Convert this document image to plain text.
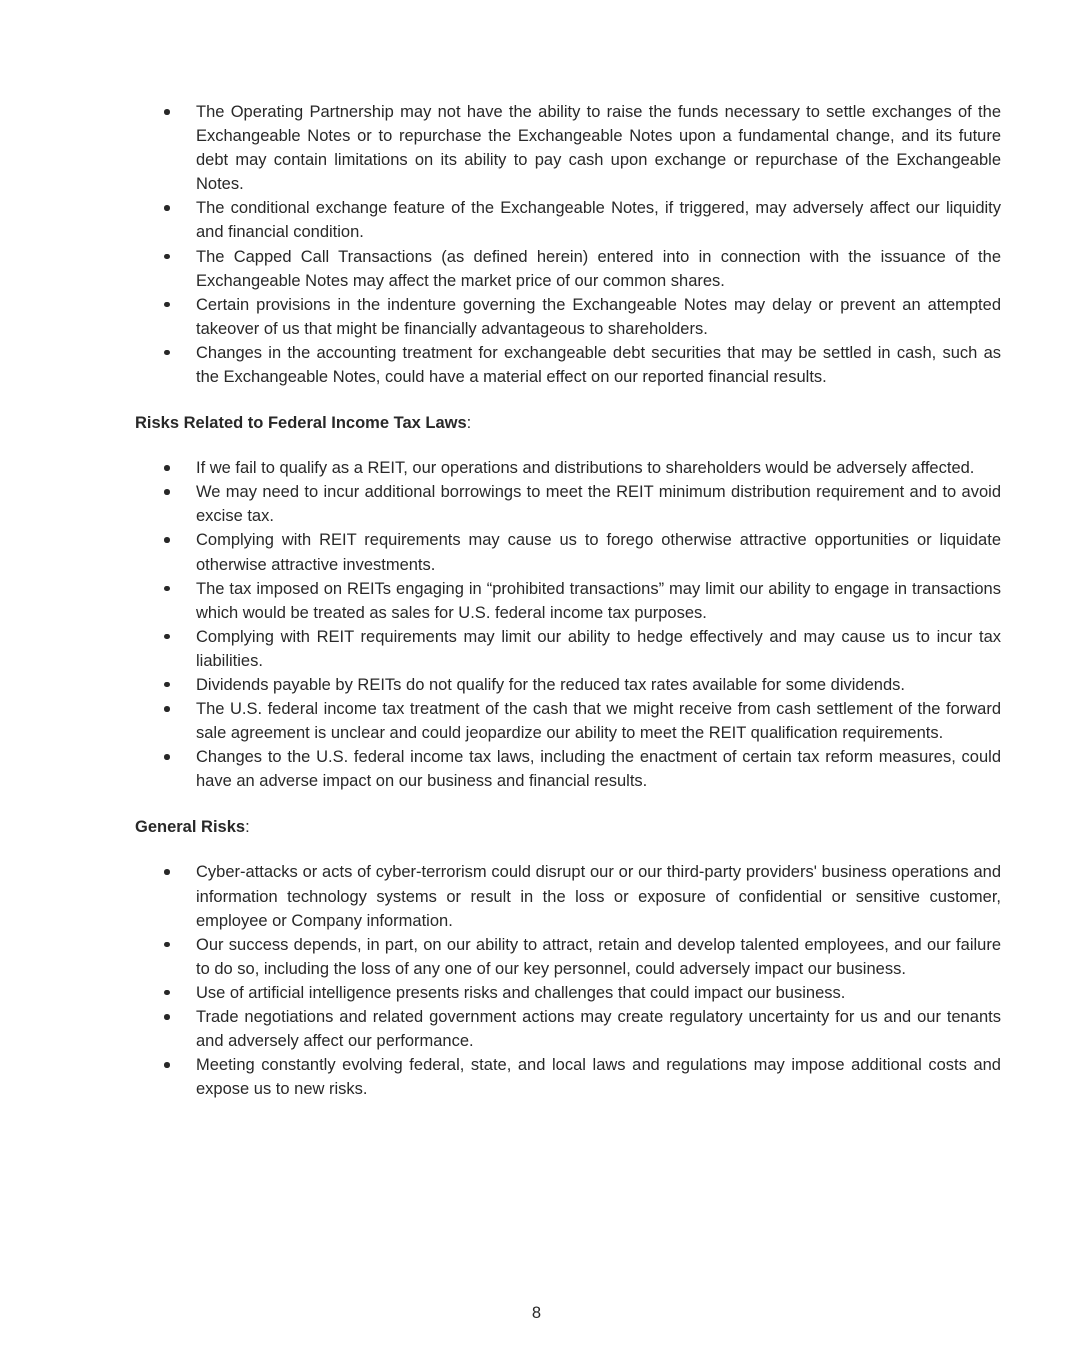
The Operating Partnership may not have the ability to raise the funds necessary to settle exchanges of the Exchangeable Notes or to repurchase the Exchangeable Notes upon a fundamental change, and its future debt may contain limitations on its ability to pay cash upon exchange or repurchase of the Exchangeable Notes.
The conditional exchange feature of the Exchangeable Notes, if triggered, may adversely affect our liquidity and financial condition.
The Capped Call Transactions (as defined herein) entered into in connection with the issuance of the Exchangeable Notes may affect the market price of our common shares.
Certain provisions in the indenture governing the Exchangeable Notes may delay or prevent an attempted takeover of us that might be financially advantageous to shareholders.
Changes in the accounting treatment for exchangeable debt securities that may be settled in cash, such as the Exchangeable Notes, could have a material effect on our reported financial results.
Risks Related to Federal Income Tax Laws:
If we fail to qualify as a REIT, our operations and distributions to shareholders would be adversely affected.
We may need to incur additional borrowings to meet the REIT minimum distribution requirement and to avoid excise tax.
Complying with REIT requirements may cause us to forego otherwise attractive opportunities or liquidate otherwise attractive investments.
The tax imposed on REITs engaging in “prohibited transactions” may limit our ability to engage in transactions which would be treated as sales for U.S. federal income tax purposes.
Complying with REIT requirements may limit our ability to hedge effectively and may cause us to incur tax liabilities.
Dividends payable by REITs do not qualify for the reduced tax rates available for some dividends.
The U.S. federal income tax treatment of the cash that we might receive from cash settlement of the forward sale agreement is unclear and could jeopardize our ability to meet the REIT qualification requirements.
Changes to the U.S. federal income tax laws, including the enactment of certain tax reform measures, could have an adverse impact on our business and financial results.
General Risks:
Cyber-attacks or acts of cyber-terrorism could disrupt our or our third-party providers' business operations and information technology systems or result in the loss or exposure of confidential or sensitive customer, employee or Company information.
Our success depends, in part, on our ability to attract, retain and develop talented employees, and our failure to do so, including the loss of any one of our key personnel, could adversely impact our business.
Use of artificial intelligence presents risks and challenges that could impact our business.
Trade negotiations and related government actions may create regulatory uncertainty for us and our tenants and adversely affect our performance.
Meeting constantly evolving federal, state, and local laws and regulations may impose additional costs and expose us to new risks.
8
